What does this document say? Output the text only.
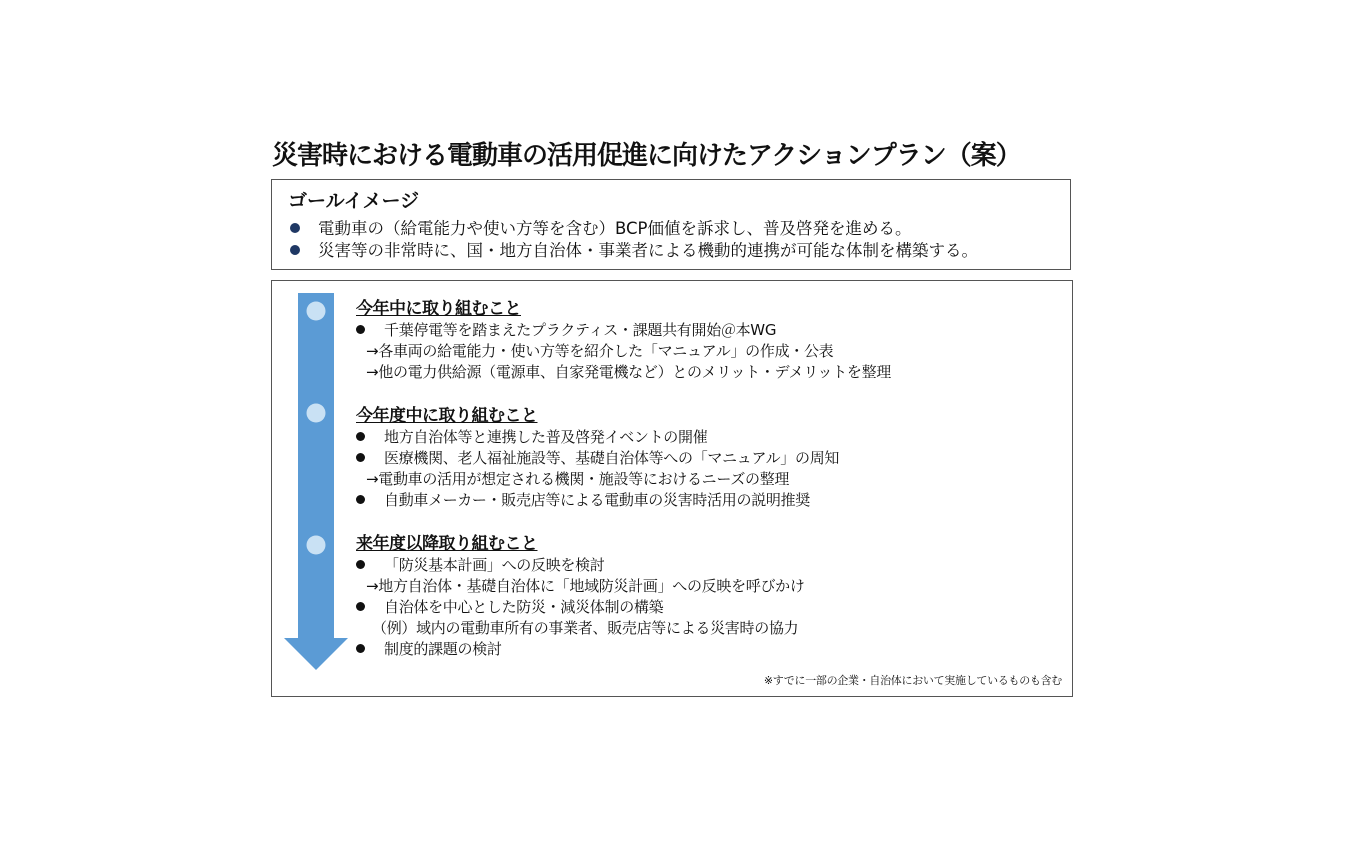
災害時における電動車の活用促進に向けたアクションプラン（案）
ゴールイメージ
電動車の（給電能力や使い方等を含む）BCP価値を訴求し、普及啓発を進める。
災害等の非常時に、国・地方自治体・事業者による機動的連携が可能な体制を構築する。
今年中に取り組むこと
千葉停電等を踏まえたプラクティス・課題共有開始＠本WG
→各車両の給電能力・使い方等を紹介した「マニュアル」の作成・公表
→他の電力供給源（電源車、自家発電機など）とのメリット・デメリットを整理
今年度中に取り組むこと
地方自治体等と連携した普及啓発イベントの開催
医療機関、老人福祉施設等、基礎自治体等への「マニュアル」の周知
→電動車の活用が想定される機関・施設等におけるニーズの整理
自動車メーカー・販売店等による電動車の災害時活用の説明推奨
来年度以降取り組むこと
「防災基本計画」への反映を検討
→地方自治体・基礎自治体に「地域防災計画」への反映を呼びかけ
自治体を中心とした防災・減災体制の構築
（例）域内の電動車所有の事業者、販売店等による災害時の協力
制度的課題の検討
※すでに一部の企業・自治体において実施しているものも含む
